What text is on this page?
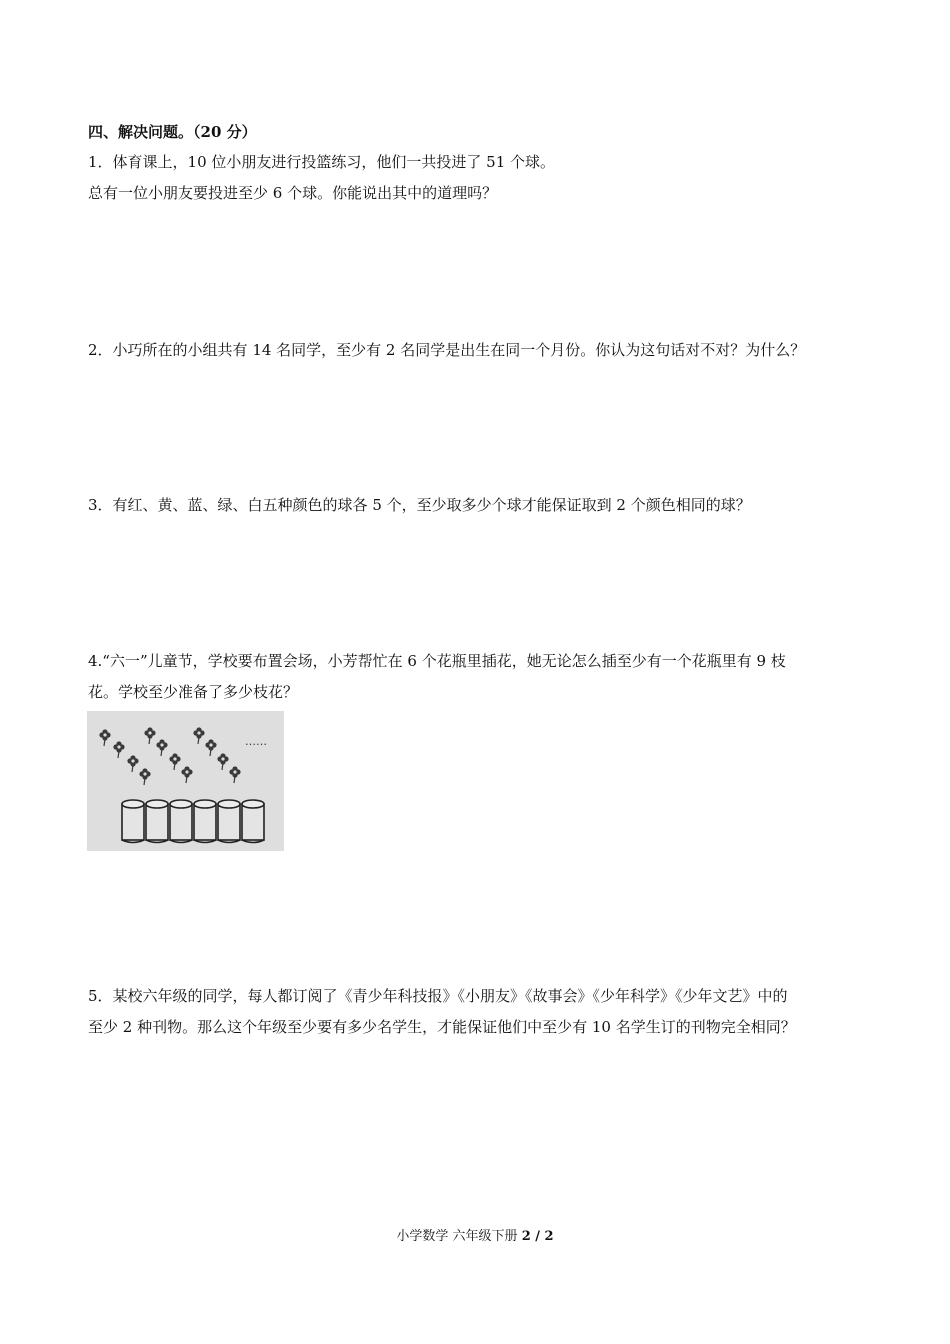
四、解决问题。（20 分）
1．体育课上，10 位小朋友进行投篮练习，他们一共投进了 51 个球。
总有一位小朋友要投进至少 6 个球。你能说出其中的道理吗？
2．小巧所在的小组共有 14 名同学，至少有 2 名同学是出生在同一个月份。你认为这句话对不对？为什么？
3．有红、黄、蓝、绿、白五种颜色的球各 5 个，至少取多少个球才能保证取到 2 个颜色相同的球？
4.“六一”儿童节，学校要布置会场，小芳帮忙在 6 个花瓶里插花，她无论怎么插至少有一个花瓶里有 9 枝
花。学校至少准备了多少枝花？
……
5．某校六年级的同学，每人都订阅了《青少年科技报》《小朋友》《故事会》《少年科学》《少年文艺》中的
至少 2 种刊物。那么这个年级至少要有多少名学生，才能保证他们中至少有 10 名学生订的刊物完全相同？
小学数学 六年级下册 2 / 2
